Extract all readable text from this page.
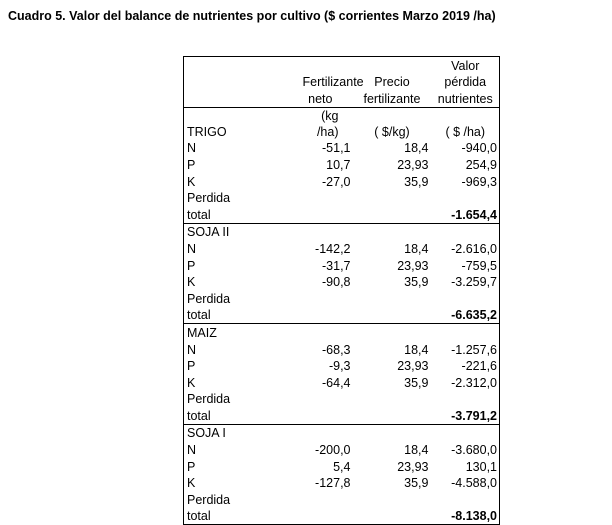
Cuadro 5. Valor del balance de nutrientes por cultivo ($ corrientes Marzo 2019 /ha)
			Valor
	Fertilizante	Precio	pérdida
	neto	fertilizante	nutrientes
TRIGO	(kg /ha)	( $/kg)	( $ /ha)
N	-51,1	18,4	-940,0
P	10,7	23,93	254,9
K	-27,0	35,9	-969,3
Perdida			
total			-1.654,4
SOJA II			
N	-142,2	18,4	-2.616,0
P	-31,7	23,93	-759,5
K	-90,8	35,9	-3.259,7
Perdida			
total			-6.635,2
MAIZ			
N	-68,3	18,4	-1.257,6
P	-9,3	23,93	-221,6
K	-64,4	35,9	-2.312,0
Perdida			
total			-3.791,2
SOJA I			
N	-200,0	18,4	-3.680,0
P	5,4	23,93	130,1
K	-127,8	35,9	-4.588,0
Perdida			
total			-8.138,0
